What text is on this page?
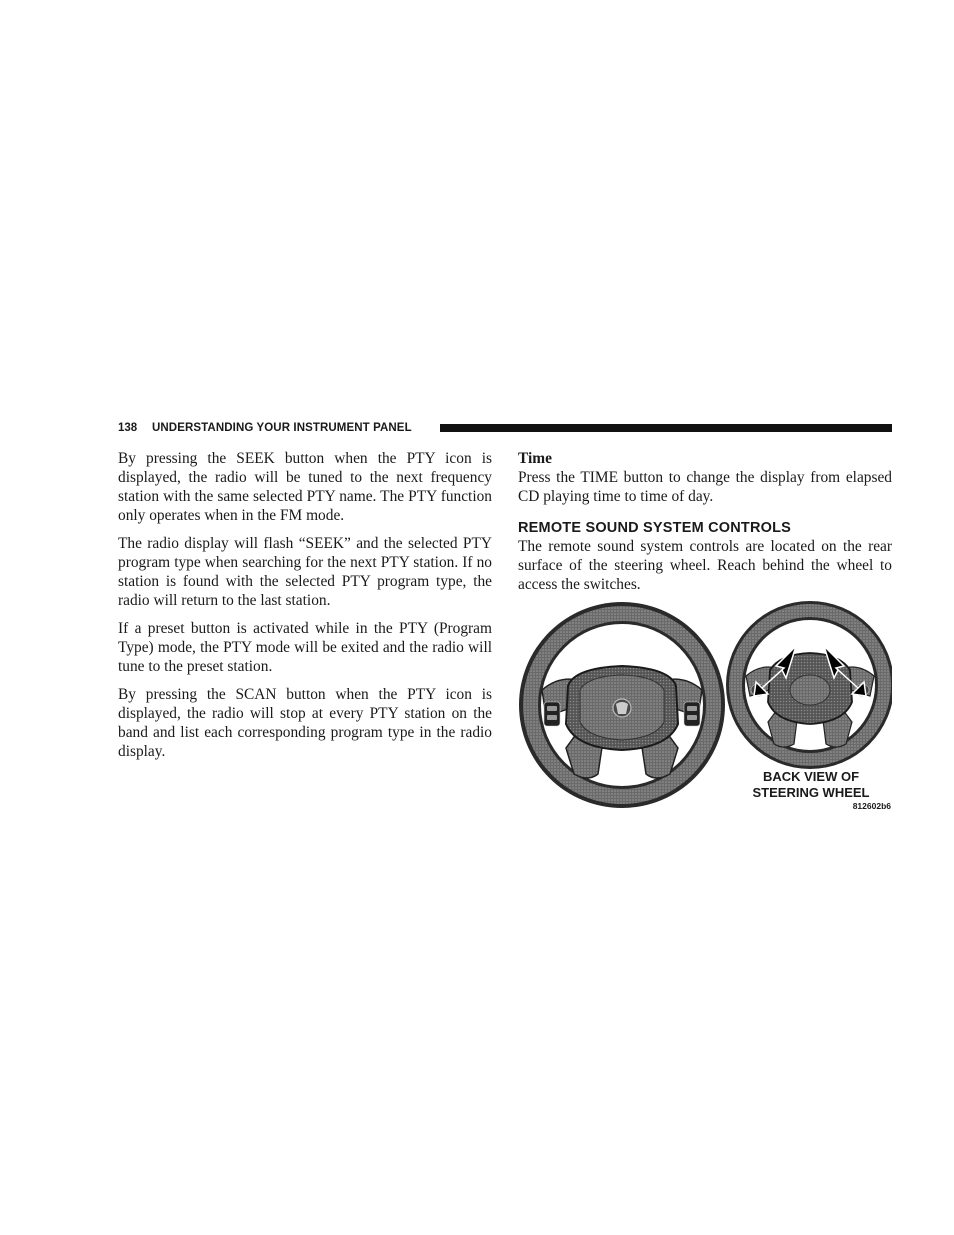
138 UNDERSTANDING YOUR INSTRUMENT PANEL

By pressing the SEEK button when the PTY icon is displayed, the radio will be tuned to the next frequency station with the same selected PTY name. The PTY function only operates when in the FM mode.

The radio display will flash “SEEK” and the selected PTY program type when searching for the next PTY station. If no station is found with the selected PTY program type, the radio will return to the last station.

If a preset button is activated while in the PTY (Program Type) mode, the PTY mode will be exited and the radio will tune to the preset station.

By pressing the SCAN button when the PTY icon is displayed, the radio will stop at every PTY station on the band and list each corresponding program type in the radio display.

Time

Press the TIME button to change the display from elapsed CD playing time to time of day.

REMOTE SOUND SYSTEM CONTROLS

The remote sound system controls are located on the rear surface of the steering wheel. Reach behind the wheel to access the switches.

BACK VIEW OF
STEERING WHEEL
812602b6
